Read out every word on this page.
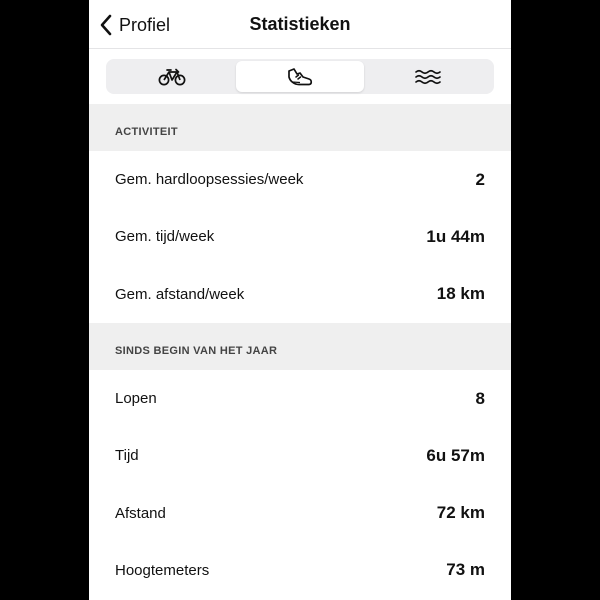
Profiel	Statistieken
ACTIVITEIT
Gem. hardloopsessies/week	2
Gem. tijd/week	1u 44m
Gem. afstand/week	18 km
SINDS BEGIN VAN HET JAAR
Lopen	8
Tijd	6u 57m
Afstand	72 km
Hoogtemeters	73 m
